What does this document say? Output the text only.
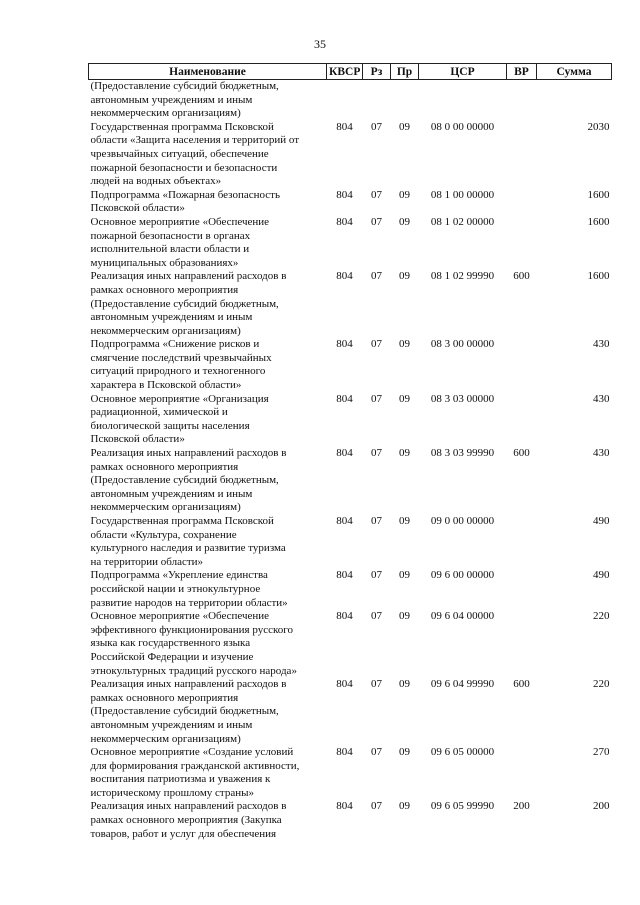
35
Наименование	КВСР	Рз	Пр	ЦСР	ВР	Сумма

(Предоставление субсидий бюджетным,
автономным учреждениям и иным
некоммерческим организациям)						

Государственная программа Псковской
области «Защита населения и территорий от
чрезвычайных ситуаций, обеспечение
пожарной безопасности и безопасности
людей на водных объектах»	804	07	09	08 0 00 00000		2030

Подпрограмма «Пожарная безопасность
Псковской области»	804	07	09	08 1 00 00000		1600

Основное мероприятие «Обеспечение
пожарной безопасности в органах
исполнительной власти области и
муниципальных образованиях»	804	07	09	08 1 02 00000		1600

Реализация иных направлений расходов в
рамках основного мероприятия
(Предоставление субсидий бюджетным,
автономным учреждениям и иным
некоммерческим организациям)	804	07	09	08 1 02 99990	600	1600

Подпрограмма «Снижение рисков и
смягчение последствий чрезвычайных
ситуаций природного и техногенного
характера в Псковской области»	804	07	09	08 3 00 00000		430

Основное мероприятие «Организация
радиационной, химической и
биологической защиты населения
Псковской области»	804	07	09	08 3 03 00000		430

Реализация иных направлений расходов в
рамках основного мероприятия
(Предоставление субсидий бюджетным,
автономным учреждениям и иным
некоммерческим организациям)	804	07	09	08 3 03 99990	600	430

Государственная программа Псковской
области «Культура, сохранение
культурного наследия и развитие туризма
на территории области»	804	07	09	09 0 00 00000		490

Подпрограмма «Укрепление единства
российской нации и этнокультурное
развитие народов на территории области»	804	07	09	09 6 00 00000		490

Основное мероприятие «Обеспечение
эффективного функционирования русского
языка как государственного языка
Российской Федерации и изучение
этнокультурных традиций русского народа»	804	07	09	09 6 04 00000		220

Реализация иных направлений расходов в
рамках основного мероприятия
(Предоставление субсидий бюджетным,
автономным учреждениям и иным
некоммерческим организациям)	804	07	09	09 6 04 99990	600	220

Основное мероприятие «Создание условий
для формирования гражданской активности,
воспитания патриотизма и уважения к
историческому прошлому страны»	804	07	09	09 6 05 00000		270

Реализация иных направлений расходов в
рамках основного мероприятия (Закупка
товаров, работ и услуг для обеспечения	804	07	09	09 6 05 99990	200	200
